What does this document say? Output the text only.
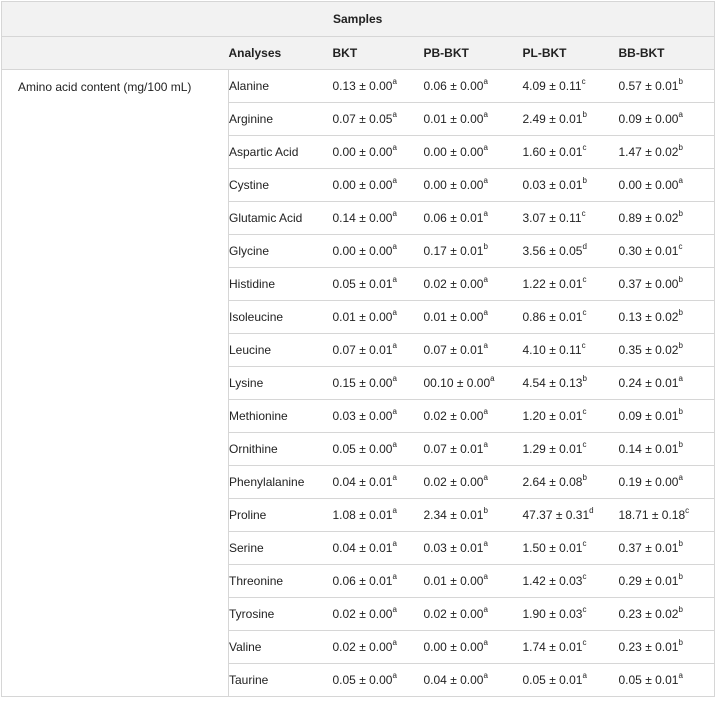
Samples					
	Analyses	BKT	PB-BKT	PL-BKT	BB-BKT
Amino acid content (mg/100 mL)	Alanine	0.13 ± 0.00$^a$	0.06 ± 0.00$^a$	4.09 ± 0.11$^c$	0.57 ± 0.01$^b$
	Arginine	0.07 ± 0.05$^a$	0.01 ± 0.00$^a$	2.49 ± 0.01$^b$	0.09 ± 0.00$^a$
	Aspartic Acid	0.00 ± 0.00$^a$	0.00 ± 0.00$^a$	1.60 ± 0.01$^c$	1.47 ± 0.02$^b$
	Cystine	0.00 ± 0.00$^a$	0.00 ± 0.00$^a$	0.03 ± 0.01$^b$	0.00 ± 0.00$^a$
	Glutamic Acid	0.14 ± 0.00$^a$	0.06 ± 0.01$^a$	3.07 ± 0.11$^c$	0.89 ± 0.02$^b$
	Glycine	0.00 ± 0.00$^a$	0.17 ± 0.01$^b$	3.56 ± 0.05$^d$	0.30 ± 0.01$^c$
	Histidine	0.05 ± 0.01$^a$	0.02 ± 0.00$^a$	1.22 ± 0.01$^c$	0.37 ± 0.00$^b$
	Isoleucine	0.01 ± 0.00$^a$	0.01 ± 0.00$^a$	0.86 ± 0.01$^c$	0.13 ± 0.02$^b$
	Leucine	0.07 ± 0.01$^a$	0.07 ± 0.01$^a$	4.10 ± 0.11$^c$	0.35 ± 0.02$^b$
	Lysine	0.15 ± 0.00$^a$	00.10 ± 0.00$^a$	4.54 ± 0.13$^b$	0.24 ± 0.01$^a$
	Methionine	0.03 ± 0.00$^a$	0.02 ± 0.00$^a$	1.20 ± 0.01$^c$	0.09 ± 0.01$^b$
	Ornithine	0.05 ± 0.00$^a$	0.07 ± 0.01$^a$	1.29 ± 0.01$^c$	0.14 ± 0.01$^b$
	Phenylalanine	0.04 ± 0.01$^a$	0.02 ± 0.00$^a$	2.64 ± 0.08$^b$	0.19 ± 0.00$^a$
	Proline	1.08 ± 0.01$^a$	2.34 ± 0.01$^b$	47.37 ± 0.31$^d$	18.71 ± 0.18$^c$
	Serine	0.04 ± 0.01$^a$	0.03 ± 0.01$^a$	1.50 ± 0.01$^c$	0.37 ± 0.01$^b$
	Threonine	0.06 ± 0.01$^a$	0.01 ± 0.00$^a$	1.42 ± 0.03$^c$	0.29 ± 0.01$^b$
	Tyrosine	0.02 ± 0.00$^a$	0.02 ± 0.00$^a$	1.90 ± 0.03$^c$	0.23 ± 0.02$^b$
	Valine	0.02 ± 0.00$^a$	0.00 ± 0.00$^a$	1.74 ± 0.01$^c$	0.23 ± 0.01$^b$
	Taurine	0.05 ± 0.00$^a$	0.04 ± 0.00$^a$	0.05 ± 0.01$^a$	0.05 ± 0.01$^a$
